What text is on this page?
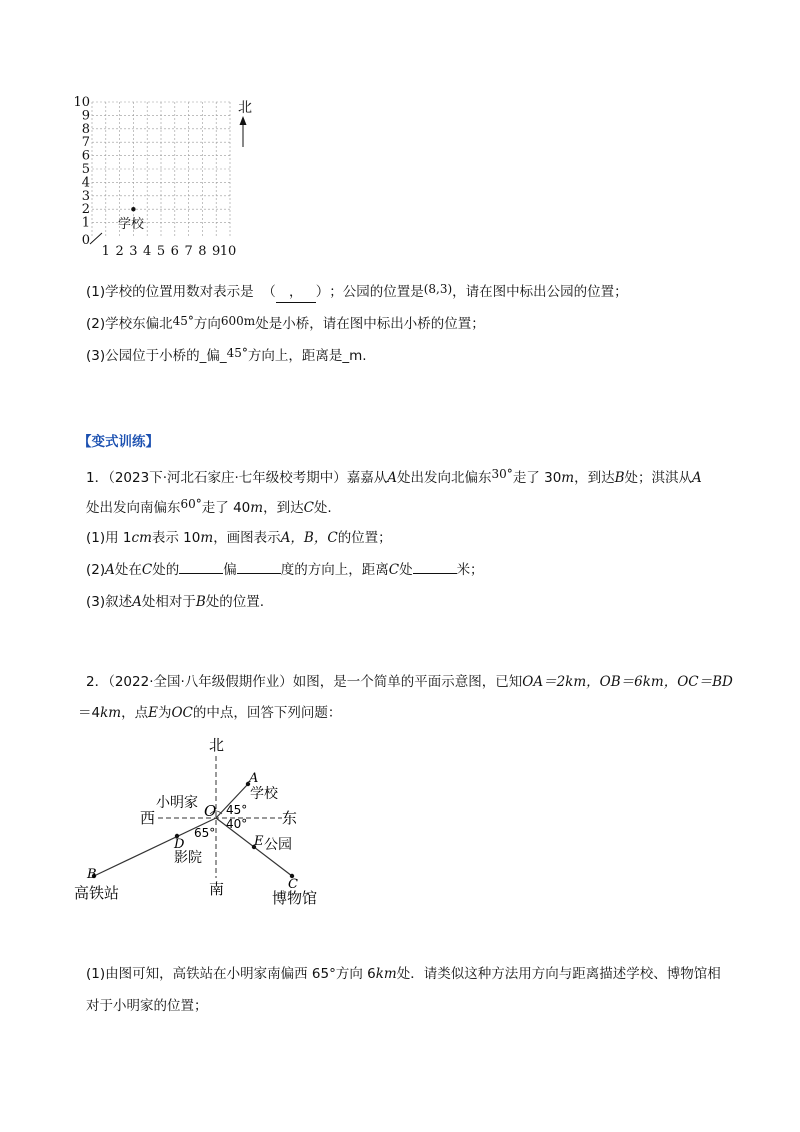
10
9
8
7
6
5
4
3
2
1
0
1 2 3 4 5 6 7 8 9 10
学校
北
(1)学校的位置用数对表示是 （ ， ）；公园的位置是(8,3)，请在图中标出公园的位置；
(2)学校东偏北45°方向600m处是小桥，请在图中标出小桥的位置；
(3)公园位于小桥的_偏_45°方向上，距离是_m.
【变式训练】
1．（2023下·河北石家庄·七年级校考期中）嘉嘉从A处出发向北偏东30°走了 30m，到达B处；淇淇从A
处出发向南偏东60°走了 40m，到达C处.
(1)用 1cm表示 10m，画图表示A，B，C的位置；
(2)A处在C处的	偏	度的方向上，距离C处	米；
(3)叙述A处相对于B处的位置.
2．（2022·全国·八年级假期作业）如图，是一个简单的平面示意图，已知OA＝2km，OB＝6km，OC＝BD
＝4km，点E为OC的中点，回答下列问题：
北
南
西	东
小明家 O
A
学校
45°
40°
65°
D
影院
E 公园
B
高铁站	C
博物馆
(1)由图可知，高铁站在小明家南偏西 65°方向 6km处．请类似这种方法用方向与距离描述学校、博物馆相
对于小明家的位置；
